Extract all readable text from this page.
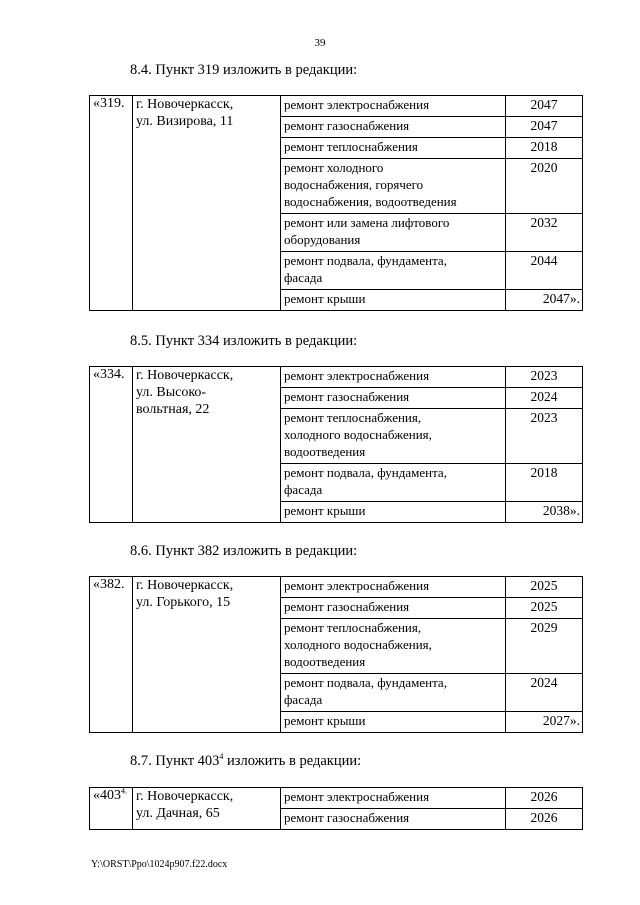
39
8.4. Пункт 319 изложить в редакции:
«319.	г. Новочеркасск,
ул. Визирова, 11	ремонт электроснабжения	2047
		ремонт газоснабжения	2047
		ремонт теплоснабжения	2018

		ремонт холодного
водоснабжения, горячего
водоснабжения, водоотведения	2020

		ремонт или замена лифтового
оборудования	2032

		ремонт подвала, фундамента,
фасада	2044
		ремонт крыши	2047».
8.5. Пункт 334 изложить в редакции:
«334.	г. Новочеркасск,
ул. Высоко-
вольтная, 22	ремонт электроснабжения	2023
		ремонт газоснабжения	2024

		ремонт теплоснабжения,
холодного водоснабжения,
водоотведения	2023

		ремонт подвала, фундамента,
фасада	2018
		ремонт крыши	2038».
8.6. Пункт 382 изложить в редакции:
«382.	г. Новочеркасск,
ул. Горького, 15	ремонт электроснабжения	2025
		ремонт газоснабжения	2025

		ремонт теплоснабжения,
холодного водоснабжения,
водоотведения	2029

		ремонт подвала, фундамента,
фасада	2024
		ремонт крыши	2027».
8.7. Пункт $403^4$ изложить в редакции:
«$403^{4.}$	г. Новочеркасск,
ул. Дачная, 65	ремонт электроснабжения	2026
		ремонт газоснабжения	2026
Y:\ORST\Ppo\1024p907.f22.docx
